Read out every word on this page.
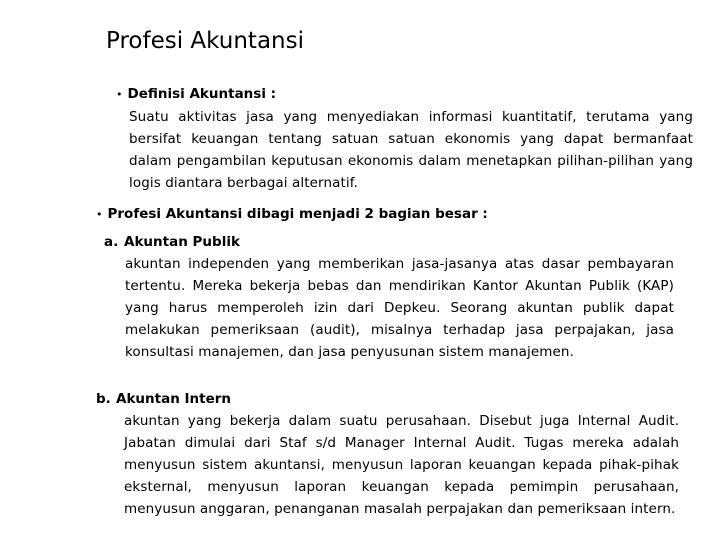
Profesi Akuntansi
• Definisi Akuntansi :
Suatu aktivitas jasa yang menyediakan informasi kuantitatif, terutama yang bersifat keuangan tentang satuan satuan ekonomis yang dapat bermanfaat dalam pengambilan keputusan ekonomis dalam menetapkan pilihan-pilihan yang logis diantara berbagai alternatif.
• Profesi Akuntansi dibagi menjadi 2 bagian besar :
a. Akuntan Publik
akuntan independen yang memberikan jasa-jasanya atas dasar pembayaran tertentu. Mereka bekerja bebas dan mendirikan Kantor Akuntan Publik (KAP) yang harus memperoleh izin dari Depkeu. Seorang akuntan publik dapat melakukan pemeriksaan (audit), misalnya terhadap jasa perpajakan, jasa konsultasi manajemen, dan jasa penyusunan sistem manajemen.
b. Akuntan Intern
akuntan yang bekerja dalam suatu perusahaan. Disebut juga Internal Audit. Jabatan dimulai dari Staf s/d Manager Internal Audit. Tugas mereka adalah menyusun sistem akuntansi, menyusun laporan keuangan kepada pihak-pihak eksternal, menyusun laporan keuangan kepada pemimpin perusahaan, menyusun anggaran, penanganan masalah perpajakan dan pemeriksaan intern.
